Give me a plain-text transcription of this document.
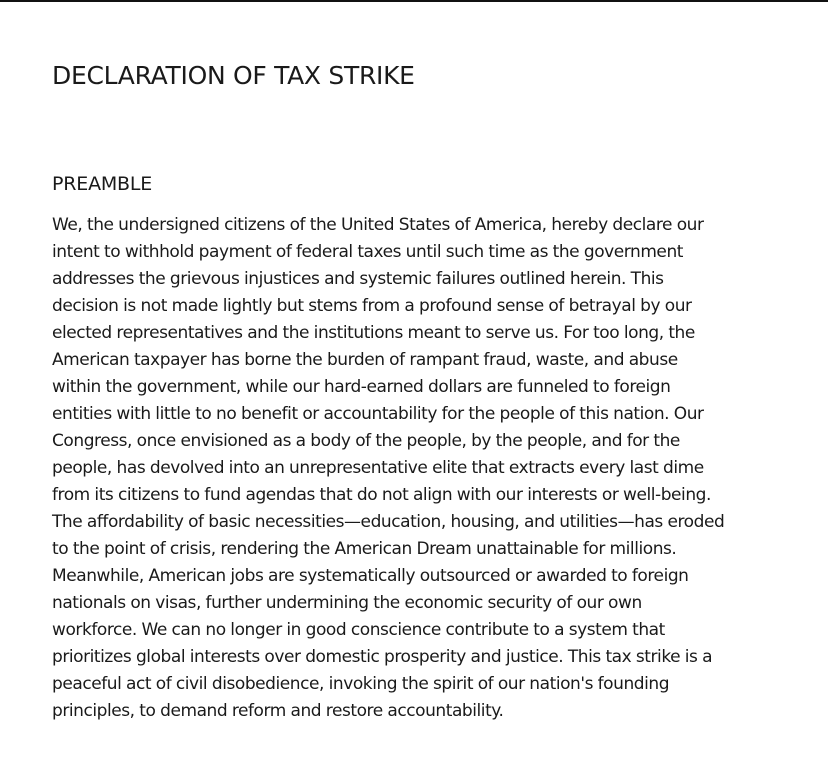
DECLARATION OF TAX STRIKE
PREAMBLE

We, the undersigned citizens of the United States of America, hereby declare our
intent to withhold payment of federal taxes until such time as the government
addresses the grievous injustices and systemic failures outlined herein. This
decision is not made lightly but stems from a profound sense of betrayal by our
elected representatives and the institutions meant to serve us. For too long, the
American taxpayer has borne the burden of rampant fraud, waste, and abuse
within the government, while our hard-earned dollars are funneled to foreign
entities with little to no benefit or accountability for the people of this nation. Our
Congress, once envisioned as a body of the people, by the people, and for the
people, has devolved into an unrepresentative elite that extracts every last dime
from its citizens to fund agendas that do not align with our interests or well-being.
The affordability of basic necessities—education, housing, and utilities—has eroded
to the point of crisis, rendering the American Dream unattainable for millions.
Meanwhile, American jobs are systematically outsourced or awarded to foreign
nationals on visas, further undermining the economic security of our own
workforce. We can no longer in good conscience contribute to a system that
prioritizes global interests over domestic prosperity and justice. This tax strike is a
peaceful act of civil disobedience, invoking the spirit of our nation's founding
principles, to demand reform and restore accountability.
